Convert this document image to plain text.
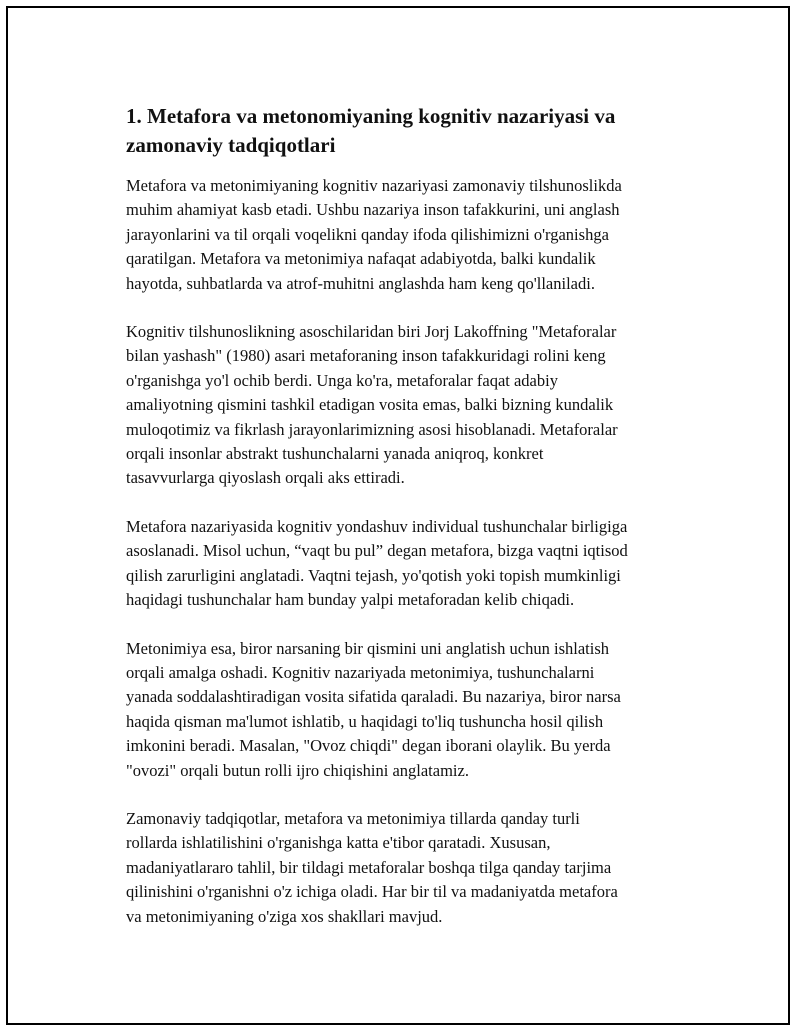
1. Metafora va metonomiyaning kognitiv nazariyasi va zamonaviy tadqiqotlari

Metafora va metonimiyaning kognitiv nazariyasi zamonaviy tilshunoslikda
muhim ahamiyat kasb etadi. Ushbu nazariya inson tafakkurini, uni anglash
jarayonlarini va til orqali voqelikni qanday ifoda qilishimizni o'rganishga
qaratilgan. Metafora va metonimiya nafaqat adabiyotda, balki kundalik
hayotda, suhbatlarda va atrof-muhitni anglashda ham keng qo'llaniladi.

Kognitiv tilshunoslikning asoschilaridan biri Jorj Lakoffning "Metaforalar
bilan yashash" (1980) asari metaforaning inson tafakkuridagi rolini keng
o'rganishga yo'l ochib berdi. Unga ko'ra, metaforalar faqat adabiy
amaliyotning qismini tashkil etadigan vosita emas, balki bizning kundalik
muloqotimiz va fikrlash jarayonlarimizning asosi hisoblanadi. Metaforalar
orqali insonlar abstrakt tushunchalarni yanada aniqroq, konkret
tasavvurlarga qiyoslash orqali aks ettiradi.

Metafora nazariyasida kognitiv yondashuv individual tushunchalar birligiga
asoslanadi. Misol uchun, “vaqt bu pul” degan metafora, bizga vaqtni iqtisod
qilish zarurligini anglatadi. Vaqtni tejash, yo'qotish yoki topish mumkinligi
haqidagi tushunchalar ham bunday yalpi metaforadan kelib chiqadi.

Metonimiya esa, biror narsaning bir qismini uni anglatish uchun ishlatish
orqali amalga oshadi. Kognitiv nazariyada metonimiya, tushunchalarni
yanada soddalashtiradigan vosita sifatida qaraladi. Bu nazariya, biror narsa
haqida qisman ma'lumot ishlatib, u haqidagi to'liq tushuncha hosil qilish
imkonini beradi. Masalan, "Ovoz chiqdi" degan iborani olaylik. Bu yerda
"ovozi" orqali butun rolli ijro chiqishini anglatamiz.

Zamonaviy tadqiqotlar, metafora va metonimiya tillarda qanday turli
rollarda ishlatilishini o'rganishga katta e'tibor qaratadi. Xususan,
madaniyatlararo tahlil, bir tildagi metaforalar boshqa tilga qanday tarjima
qilinishini o'rganishni o'z ichiga oladi. Har bir til va madaniyatda metafora
va metonimiyaning o'ziga xos shakllari mavjud.
